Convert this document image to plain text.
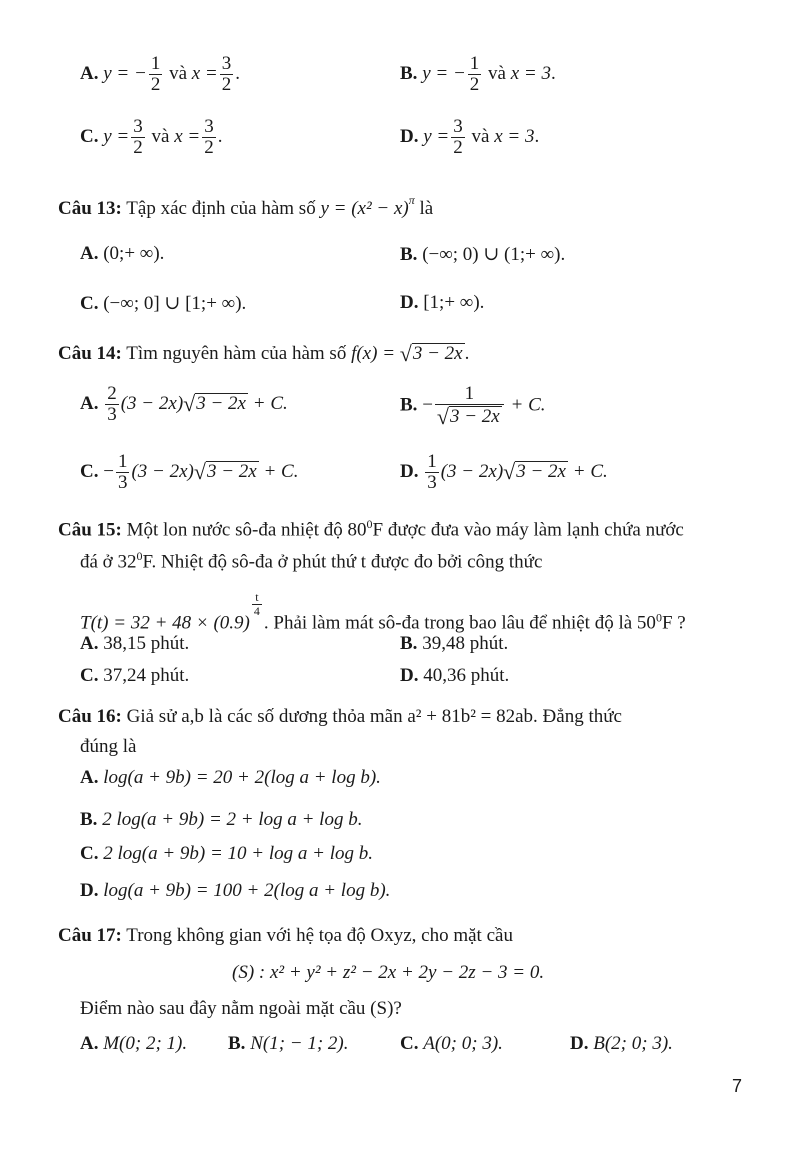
A. y = − $\frac{1}{2}$ và $x = \frac{3}{2}$ .	B. y = − $\frac{1}{2}$ và x = 3.
C. $y = \frac{3}{2}$ và $x = \frac{3}{2}$ .	D. $y = \frac{3}{2}$ và x = 3.
Câu 13: Tập xác định của hàm số $y = (x^2 - x)^\pi$ là
A. (0;+ ∞).	B. (−∞; 0) ∪ (1;+ ∞).
C. (−∞; 0] ∪ [1;+ ∞).	D. [1;+ ∞).
Câu 14: Tìm nguyên hàm của hàm số f(x) = √3 − 2x .
A. $\frac{2}{3} (3 - 2x)√3 - 2x + C$.	B. − $\frac{1}{√3 - 2x} + C$.
C. − $\frac{1}{3} (3 - 2x)√3 - 2x + C$.	D. $\frac{1}{3} (3 - 2x)√3 - 2x + C$.
Câu 15: Một lon nước sô-đa nhiệt độ $80^0F$ được đưa vào máy làm lạnh chứa nước
đá ở $32^0F$. Nhiệt độ sô-đa ở phút thứ t được đo bởi công thức
T(t) = 32 + 48 × (0.9)
$\frac{t}{4}$
. Phải làm mát sô-đa trong bao lâu để nhiệt độ là $50^0F$ ?
A. 38,15 phút.	B. 39,48 phút.
C. 37,24 phút.	D. 40,36 phút.
Câu 16: Giả sử a,b là các số dương thỏa mãn a² + 81b² = 82ab. Đẳng thức
đúng là
A. log(a + 9b) = 20 + 2(log a + log b).
B. 2 log(a + 9b) = 2 + log a + log b.
C. 2 log(a + 9b) = 10 + log a + log b.
D. log(a + 9b) = 100 + 2(log a + log b).
Câu 17: Trong không gian với hệ tọa độ Oxyz, cho mặt cầu
(S) : x² + y² + z² − 2x + 2y − 2z − 3 = 0.
Điểm nào sau đây nằm ngoài mặt cầu (S)?
A. M(0; 2; 1). B. N(1; − 1; 2).	C. A(0; 0; 3).	D. B(2; 0; 3).
7
